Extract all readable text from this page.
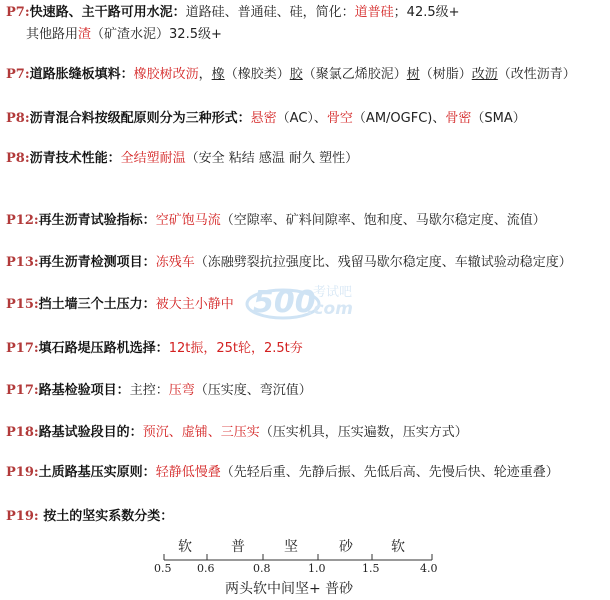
P7:快速路、主干路可用水泥：道路硅、普通硅、硅，简化：道普硅；42.5级+
其他路用渣（矿渣水泥）32.5级+
P7:道路胀缝板填料：橡胶树改沥，橡（橡胶类）胶（聚氯乙烯胶泥）树（树脂）改沥（改性沥青）
P8:沥青混合料按级配原则分为三种形式：悬密（AC）、骨空（AM/OGFC)、骨密（SMA）
P8:沥青技术性能：全结塑耐温（安全 粘结 感温 耐久 塑性）
P12:再生沥青试验指标：空矿饱马流（空隙率、矿料间隙率、饱和度、马歇尔稳定度、流值）
P13:再生沥青检测项目：冻残车（冻融劈裂抗拉强度比、残留马歇尔稳定度、车辙试验动稳定度）
P15:挡土墙三个土压力：被大主小静中
P17:填石路堤压路机选择：12t振，25t轮，2.5t夯
P17:路基检验项目：主控：压弯（压实度、弯沉值）
P18:路基试验段目的：预沉、虚铺、三压实（压实机具，压实遍数，压实方式）
P19:土质路基压实原则：轻静低慢叠（先轻后重、先静后振、先低后高、先慢后快、轮迹重叠）
P19: 按土的坚实系数分类：
500
考试吧
.com
软	普	坚	砂	软
0.5 0.6	0.8	1.0	1.5	4.0
两头软中间坚+ 普砂
